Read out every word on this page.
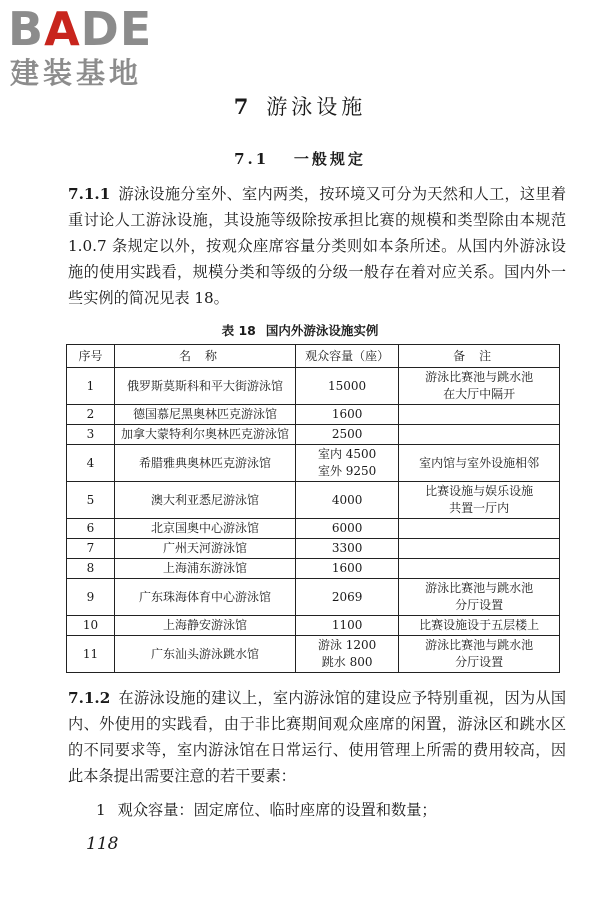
BADE
建装基地
7 游泳设施
7.1 一般规定
7.1.1 游泳设施分室外、室内两类，按环境又可分为天然和人工，这里着重讨论人工游泳设施，其设施等级除按承担比赛的规模和类型除由本规范 1.0.7 条规定以外，按观众座席容量分类则如本条所述。从国内外游泳设施的使用实践看，规模分类和等级的分级一般存在着对应关系。国内外一些实例的简况见表 18。
表 18 国内外游泳设施实例
序号	名称	观众容量（座）	备注
1	俄罗斯莫斯科和平大街游泳馆	15000	游泳比赛池与跳水池
在大厅中隔开
2	德国慕尼黑奥林匹克游泳馆	1600	
3	加拿大蒙特利尔奥林匹克游泳馆	2500	
4	希腊雅典奥林匹克游泳馆	室内 4500
室外 9250	室内馆与室外设施相邻
5	澳大利亚悉尼游泳馆	4000	比赛设施与娱乐设施
共置一厅内
6	北京国奥中心游泳馆	6000	
7	广州天河游泳馆	3300	
8	上海浦东游泳馆	1600	
9	广东珠海体育中心游泳馆	2069	游泳比赛池与跳水池
分厅设置
10	上海静安游泳馆	1100	比赛设施设于五层楼上
11	广东汕头游泳跳水馆	游泳 1200
跳水 800	游泳比赛池与跳水池
分厅设置
7.1.2 在游泳设施的建议上，室内游泳馆的建设应予特别重视，因为从国内、外使用的实践看，由于非比赛期间观众座席的闲置，游泳区和跳水区的不同要求等，室内游泳馆在日常运行、使用管理上所需的费用较高，因此本条提出需要注意的若干要素：
1 观众容量：固定席位、临时座席的设置和数量；
118
